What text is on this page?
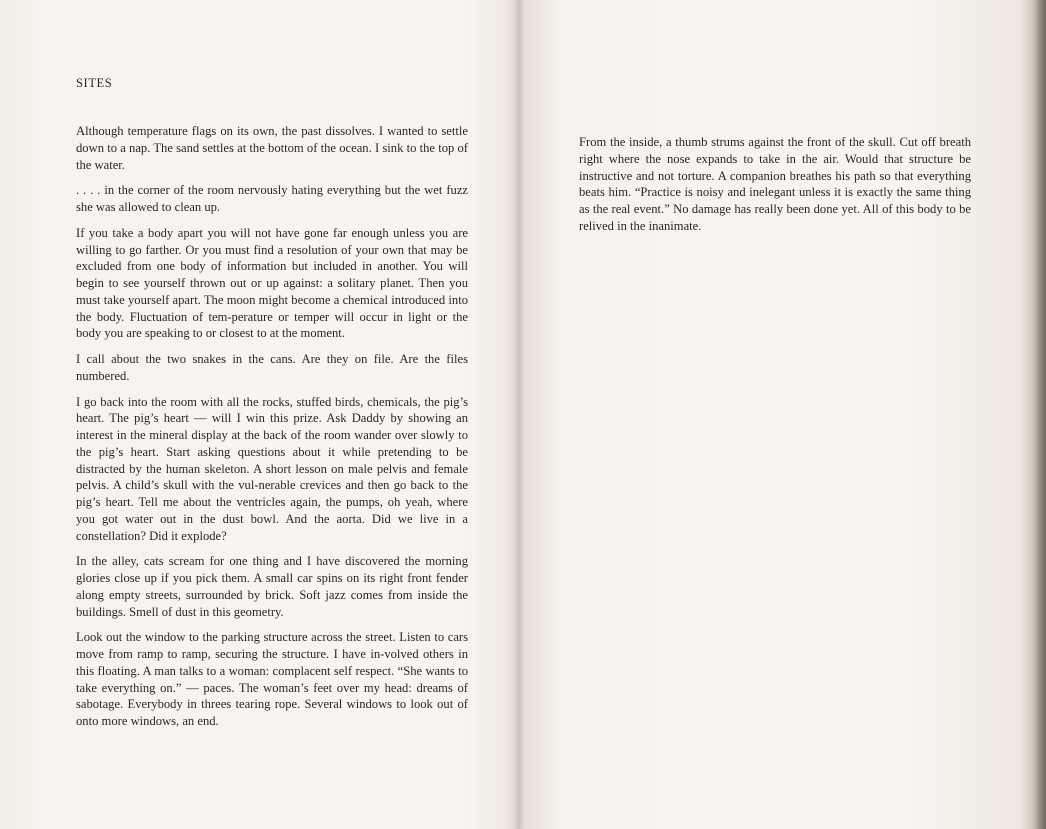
SITES

Although temperature flags on its own, the past dissolves. I wanted to settle down to a nap. The sand settles at the bottom of the ocean. I sink to the top of the water.

. . . . in the corner of the room nervously hating everything but the wet fuzz she was allowed to clean up.

If you take a body apart you will not have gone far enough unless you are willing to go farther. Or you must find a resolution of your own that may be excluded from one body of information but included in another. You will begin to see yourself thrown out or up against: a solitary planet. Then you must take yourself apart. The moon might become a chemical introduced into the body. Fluctuation of tem-perature or temper will occur in light or the body you are speaking to or closest to at the moment.

I call about the two snakes in the cans. Are they on file. Are the files numbered.

I go back into the room with all the rocks, stuffed birds, chemicals, the pig’s heart. The pig’s heart — will I win this prize. Ask Daddy by showing an interest in the mineral display at the back of the room wander over slowly to the pig’s heart. Start asking questions about it while pretending to be distracted by the human skeleton. A short lesson on male pelvis and female pelvis. A child’s skull with the vul-nerable crevices and then go back to the pig’s heart. Tell me about the ventricles again, the pumps, oh yeah, where you got water out in the dust bowl. And the aorta. Did we live in a constellation? Did it explode?

In the alley, cats scream for one thing and I have discovered the morning glories close up if you pick them. A small car spins on its right front fender along empty streets, surrounded by brick. Soft jazz comes from inside the buildings. Smell of dust in this geometry.

Look out the window to the parking structure across the street. Listen to cars move from ramp to ramp, securing the structure. I have in-volved others in this floating. A man talks to a woman: complacent self respect. “She wants to take everything on.” — paces. The woman’s feet over my head: dreams of sabotage. Everybody in threes tearing rope. Several windows to look out of onto more windows, an end.

From the inside, a thumb strums against the front of the skull. Cut off breath right where the nose expands to take in the air. Would that structure be instructive and not torture. A companion breathes his path so that everything beats him. “Practice is noisy and inelegant unless it is exactly the same thing as the real event.” No damage has really been done yet. All of this body to be relived in the inanimate.
